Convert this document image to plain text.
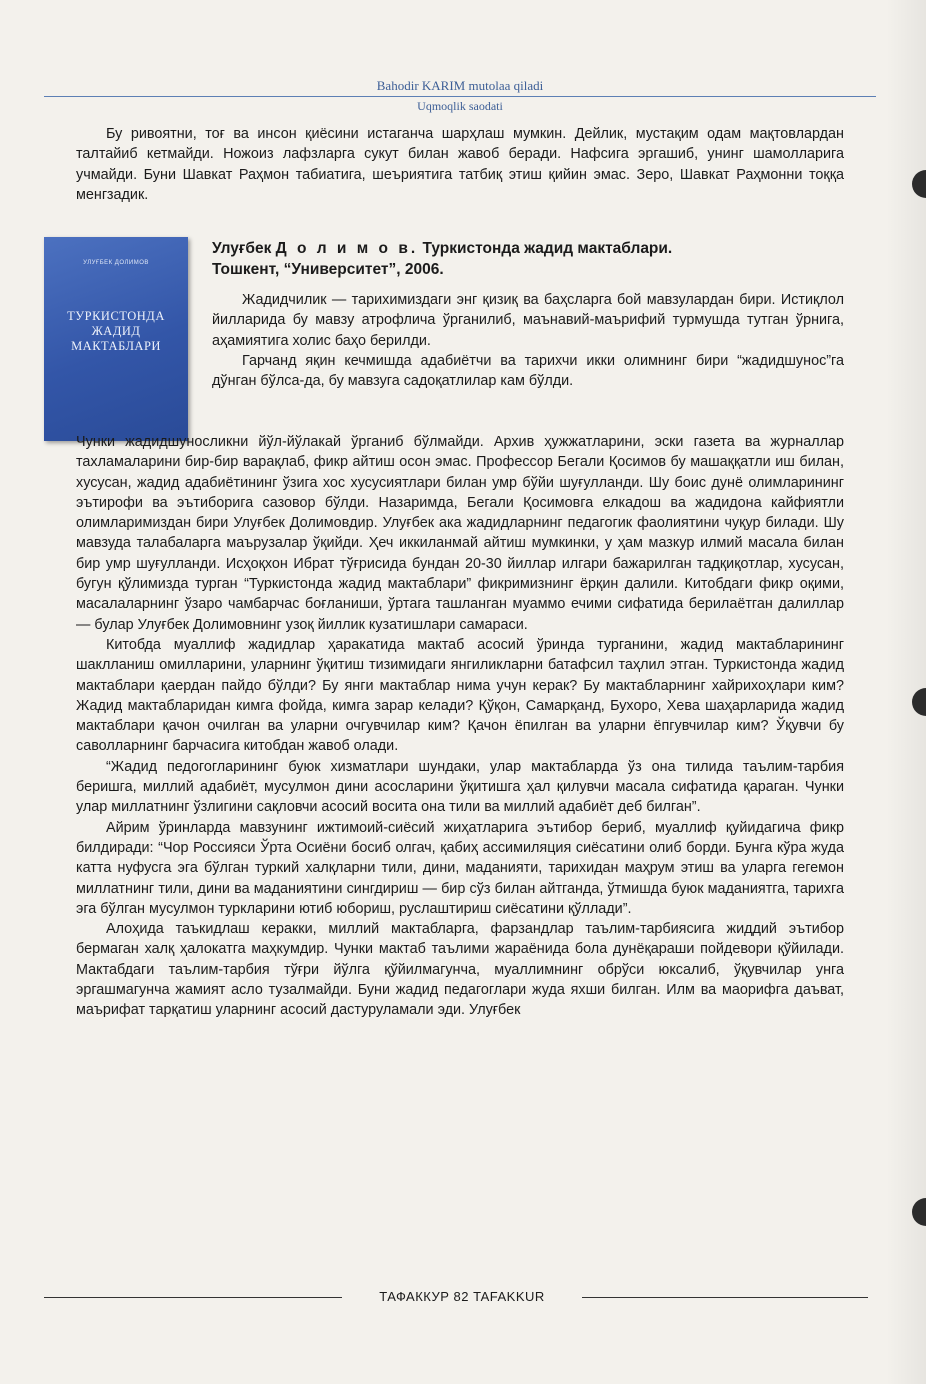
Bahodir KARIM mutolaa qiladi
Uqmoqlik saodati

Бу ривоятни, тоғ ва инсон қиёсини истаганча шарҳлаш мумкин. Дейлик, мустақим одам мақтовлардан талтайиб кетмайди. Ножоиз лафзларга сукут билан жавоб беради. Нафсига эргашиб, унинг шамолларига учмайди. Буни Шавкат Раҳмон табиатига, шеъриятига татбиқ этиш қийин эмас. Зеро, Шавкат Раҳмонни тоққа менгзадик.

УЛУҒБЕК ДОЛИМОВ
ТУРКИСТОНДА
ЖАДИД
МАКТАБЛАРИ
Улуғбек Д о л и м о в. Туркистонда жадид мактаблари.
Тошкент, “Университет”, 2006.

Жадидчилик — тарихимиздаги энг қизиқ ва баҳсларга бой мавзулардан бири. Истиқлол йилларида бу мавзу атрофлича ўрганилиб, маънавий-маърифий турмушда тутган ўрнига, аҳамиятига холис баҳо берилди.

Гарчанд яқин кечмишда адабиётчи ва тарихчи икки олимнинг бири “жадидшунос”га дўнган бўлса-да, бу мавзуга садоқатлилар кам бўлди.

Чунки жадидшуносликни йўл-йўлакай ўрганиб бўлмайди. Архив ҳужжатларини, эски газета ва журналлар тахламаларини бир-бир варақлаб, фикр айтиш осон эмас. Профессор Бегали Қосимов бу машаққатли иш билан, хусусан, жадид адабиётининг ўзига хос хусусиятлари билан умр бўйи шуғулланди. Шу боис дунё олимларининг эътирофи ва эътиборига сазовор бўлди. Назаримда, Бегали Қосимовга елкадош ва жадидона кайфиятли олимларимиздан бири Улуғбек Долимовдир. Улуғбек ака жадидларнинг педагогик фаолиятини чуқур билади. Шу мавзуда талабаларга маърузалар ўқийди. Ҳеч иккиланмай айтиш мумкинки, у ҳам мазкур илмий масала билан бир умр шуғулланди. Исҳоқхон Ибрат тўғрисида бундан 20-30 йиллар илгари бажарилган тадқиқотлар, хусусан, бугун қўлимизда турган “Туркистонда жадид мактаблари” фикримизнинг ёрқин далили. Китобдаги фикр оқими, масалаларнинг ўзаро чамбарчас боғланиши, ўртага ташланган муаммо ечими сифатида берилаётган далиллар — булар Улуғбек Долимовнинг узоқ йиллик кузатишлари самараси.

Китобда муаллиф жадидлар ҳаракатида мактаб асосий ўринда турганини, жадид мактабларининг шаклланиш омилларини, уларнинг ўқитиш тизимидаги янгиликларни батафсил таҳлил этган. Туркистонда жадид мактаблари қаердан пайдо бўлди? Бу янги мактаблар нима учун керак? Бу мактабларнинг хайрихоҳлари ким? Жадид мактабларидан кимга фойда, кимга зарар келади? Қўқон, Самарқанд, Бухоро, Хева шаҳарларида жадид мактаблари қачон очилган ва уларни очгувчилар ким? Қачон ёпилган ва уларни ёпгувчилар ким? Ўқувчи бу саволларнинг барчасига китобдан жавоб олади.

“Жадид педогогларининг буюк хизматлари шундаки, улар мактабларда ўз она тилида таълим-тарбия беришга, миллий адабиёт, мусулмон дини асосларини ўқитишга ҳал қилувчи масала сифатида қараган. Чунки улар миллатнинг ўзлигини сақловчи асосий восита она тили ва миллий адабиёт деб билган”.

Айрим ўринларда мавзунинг ижтимоий-сиёсий жиҳатларига эътибор бериб, муаллиф қуйидагича фикр билдиради: “Чор Россияси Ўрта Осиёни босиб олгач, қабиҳ ассимиляция сиёсатини олиб борди. Бунга кўра жуда катта нуфусга эга бўлган туркий халқларни тили, дини, маданияти, тарихидан маҳрум этиш ва уларга гегемон миллатнинг тили, дини ва маданиятини сингдириш — бир сўз билан айтганда, ўтмишда буюк маданиятга, тарихга эга бўлган мусулмон туркларини ютиб юбориш, руслаштириш сиёсатини қўллади”.

Алоҳида таъкидлаш керакки, миллий мактабларга, фарзандлар таълим-тарбиясига жиддий эътибор бермаган халқ ҳалокатга маҳкумдир. Чунки мактаб таълими жараёнида бола дунёқараши пойдевори қўйилади. Мактабдаги таълим-тарбия тўғри йўлга қўйилмагунча, муаллимнинг обрўси юксалиб, ўқувчилар унга эргашмагунча жамият асло тузалмайди. Буни жадид педагоглари жуда яхши билган. Илм ва маорифга даъват, маърифат тарқатиш уларнинг асосий дастуруламали эди. Улуғбек

ТАФАККУР 82 TAFAKKUR
